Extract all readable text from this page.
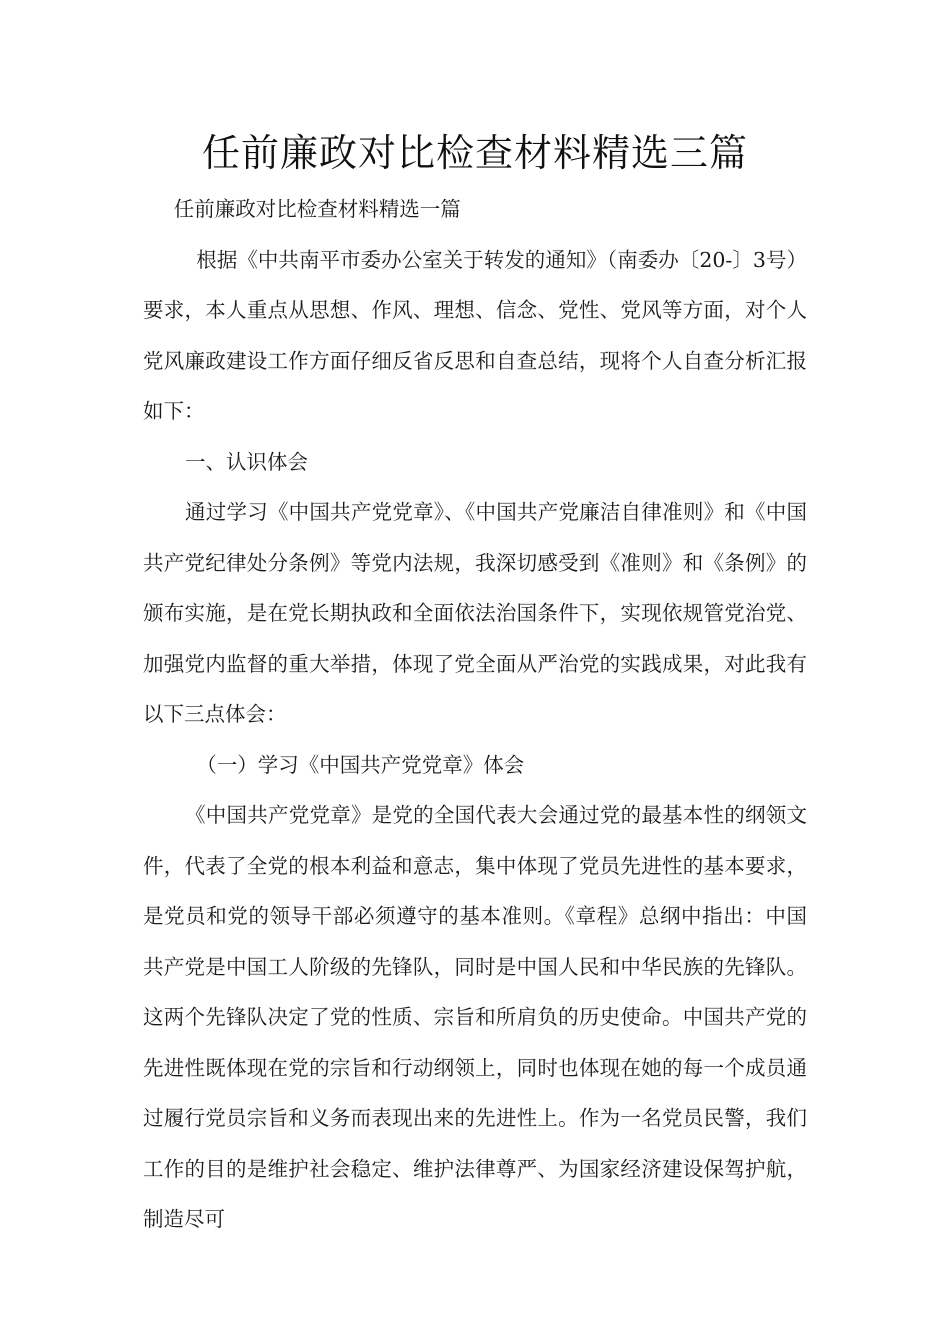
任前廉政对比检查材料精选三篇

任前廉政对比检查材料精选一篇

根据《中共南平市委办公室关于转发的通知》（南委办〔20-〕3号）要求，本人重点从思想、作风、理想、信念、党性、党风等方面，对个人党风廉政建设工作方面仔细反省反思和自查总结，现将个人自查分析汇报如下：

一、认识体会

通过学习《中国共产党党章》、《中国共产党廉洁自律准则》和《中国共产党纪律处分条例》等党内法规，我深切感受到《准则》和《条例》的颁布实施，是在党长期执政和全面依法治国条件下，实现依规管党治党、加强党内监督的重大举措，体现了党全面从严治党的实践成果，对此我有以下三点体会：

（一）学习《中国共产党党章》体会

《中国共产党党章》是党的全国代表大会通过党的最基本性的纲领文件，代表了全党的根本利益和意志，集中体现了党员先进性的基本要求，是党员和党的领导干部必须遵守的基本准则。《章程》总纲中指出：中国共产党是中国工人阶级的先锋队，同时是中国人民和中华民族的先锋队。这两个先锋队决定了党的性质、宗旨和所肩负的历史使命。中国共产党的先进性既体现在党的宗旨和行动纲领上，同时也体现在她的每一个成员通过履行党员宗旨和义务而表现出来的先进性上。作为一名党员民警，我们工作的目的是维护社会稳定、维护法律尊严、为国家经济建设保驾护航，制造尽可
